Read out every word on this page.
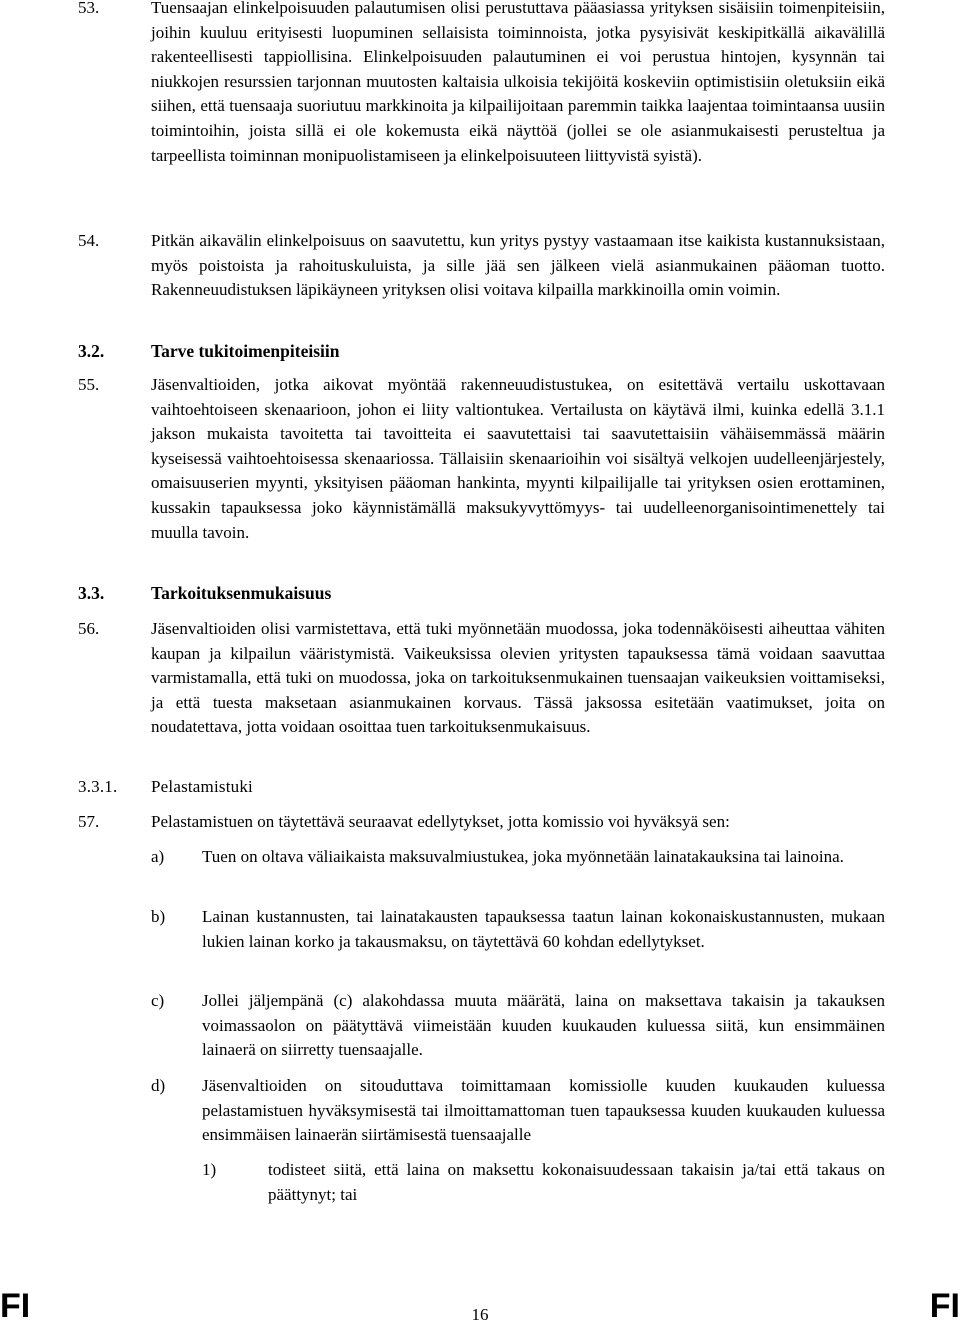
53.	Tuensaajan elinkelpoisuuden palautumisen olisi perustuttava pääasiassa yrityksen sisäisiin toimenpiteisiin, joihin kuuluu erityisesti luopuminen sellaisista toiminnoista, jotka pysyisivät keskipitkällä aikavälillä rakenteellisesti tappiollisina. Elinkelpoisuuden palautuminen ei voi perustua hintojen, kysynnän tai niukkojen resurssien tarjonnan muutosten kaltaisia ulkoisia tekijöitä koskeviin optimistisiin oletuksiin eikä siihen, että tuensaaja suoriutuu markkinoita ja kilpailijoitaan paremmin taikka laajentaa toimintaansa uusiin toimintoihin, joista sillä ei ole kokemusta eikä näyttöä (jollei se ole asianmukaisesti perusteltua ja tarpeellista toiminnan monipuolistamiseen ja elinkelpoisuuteen liittyvistä syistä).
54.	Pitkän aikavälin elinkelpoisuus on saavutettu, kun yritys pystyy vastaamaan itse kaikista kustannuksistaan, myös poistoista ja rahoituskuluista, ja sille jää sen jälkeen vielä asianmukainen pääoman tuotto. Rakenneuudistuksen läpikäyneen yrityksen olisi voitava kilpailla markkinoilla omin voimin.
3.2.	Tarve tukitoimenpiteisiin
55.	Jäsenvaltioiden, jotka aikovat myöntää rakenneuudistustukea, on esitettävä vertailu uskottavaan vaihtoehtoiseen skenaarioon, johon ei liity valtiontukea. Vertailusta on käytävä ilmi, kuinka edellä 3.1.1 jakson mukaista tavoitetta tai tavoitteita ei saavutettaisi tai saavutettaisiin vähäisemmässä määrin kyseisessä vaihtoehtoisessa skenaariossa. Tällaisiin skenaarioihin voi sisältyä velkojen uudelleenjärjestely, omaisuuserien myynti, yksityisen pääoman hankinta, myynti kilpailijalle tai yrityksen osien erottaminen, kussakin tapauksessa joko käynnistämällä maksukyvyttömyys- tai uudelleenorganisointimenettely tai muulla tavoin.
3.3.	Tarkoituksenmukaisuus
56.	Jäsenvaltioiden olisi varmistettava, että tuki myönnetään muodossa, joka todennäköisesti aiheuttaa vähiten kaupan ja kilpailun vääristymistä. Vaikeuksissa olevien yritysten tapauksessa tämä voidaan saavuttaa varmistamalla, että tuki on muodossa, joka on tarkoituksenmukainen tuensaajan vaikeuksien voittamiseksi, ja että tuesta maksetaan asianmukainen korvaus. Tässä jaksossa esitetään vaatimukset, joita on noudatettava, jotta voidaan osoittaa tuen tarkoituksenmukaisuus.
3.3.1.	Pelastamistuki
57.	Pelastamistuen on täytettävä seuraavat edellytykset, jotta komissio voi hyväksyä sen:
a)	Tuen on oltava väliaikaista maksuvalmiustukea, joka myönnetään lainatakauksina tai lainoina.
b)	Lainan kustannusten, tai lainatakausten tapauksessa taatun lainan kokonaiskustannusten, mukaan lukien lainan korko ja takausmaksu, on täytettävä 60 kohdan edellytykset.
c)	Jollei jäljempänä (c) alakohdassa muuta määrätä, laina on maksettava takaisin ja takauksen voimassaolon on päätyttävä viimeistään kuuden kuukauden kuluessa siitä, kun ensimmäinen lainaerä on siirretty tuensaajalle.
d)	Jäsenvaltioiden on sitouduttava toimittamaan komissiolle kuuden kuukauden kuluessa pelastamistuen hyväksymisestä tai ilmoittamattoman tuen tapauksessa kuuden kuukauden kuluessa ensimmäisen lainaerän siirtämisestä tuensaajalle
1)	todisteet siitä, että laina on maksettu kokonaisuudessaan takaisin ja/tai että takaus on päättynyt; tai
FI	16	FI
